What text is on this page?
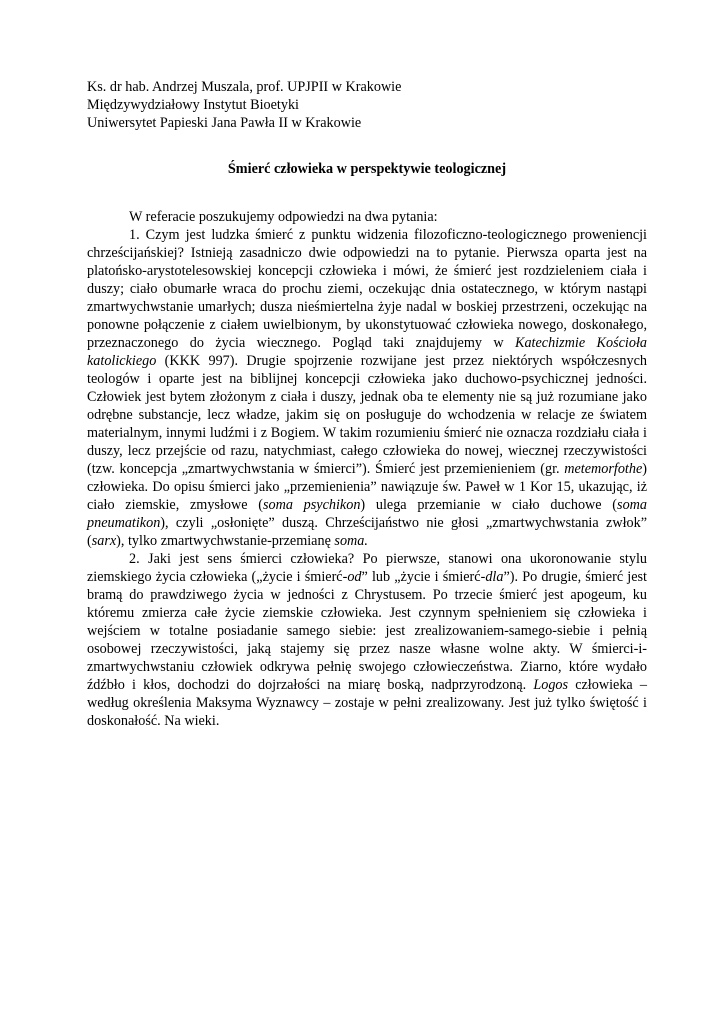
Ks. dr hab. Andrzej Muszala, prof. UPJPII w Krakowie
Międzywydziałowy Instytut Bioetyki
Uniwersytet Papieski Jana Pawła II w Krakowie
Śmierć człowieka w perspektywie teologicznej

W referacie poszukujemy odpowiedzi na dwa pytania:

1. Czym jest ludzka śmierć z punktu widzenia filozoficzno-teologicznego proweniencji chrześcijańskiej? Istnieją zasadniczo dwie odpowiedzi na to pytanie. Pierwsza oparta jest na platońsko-arystotelesowskiej koncepcji człowieka i mówi, że śmierć jest rozdzieleniem ciała i duszy; ciało obumarłe wraca do prochu ziemi, oczekując dnia ostatecznego, w którym nastąpi zmartwychwstanie umarłych; dusza nieśmiertelna żyje nadal w boskiej przestrzeni, oczekując na ponowne połączenie z ciałem uwielbionym, by ukonstytuować człowieka nowego, doskonałego, przeznaczonego do życia wiecznego. Pogląd taki znajdujemy w Katechizmie Kościoła katolickiego (KKK 997). Drugie spojrzenie rozwijane jest przez niektórych współczesnych teologów i oparte jest na biblijnej koncepcji człowieka jako duchowo-psychicznej jedności. Człowiek jest bytem złożonym z ciała i duszy, jednak oba te elementy nie są już rozumiane jako odrębne substancje, lecz władze, jakim się on posługuje do wchodzenia w relacje ze światem materialnym, innymi ludźmi i z Bogiem. W takim rozumieniu śmierć nie oznacza rozdziału ciała i duszy, lecz przejście od razu, natychmiast, całego człowieka do nowej, wiecznej rzeczywistości (tzw. koncepcja „zmartwychwstania w śmierci”). Śmierć jest przemienieniem (gr. metemorfothe) człowieka. Do opisu śmierci jako „przemienienia” nawiązuje św. Paweł w 1 Kor 15, ukazując, iż ciało ziemskie, zmysłowe (soma psychikon) ulega przemianie w ciało duchowe (soma pneumatikon), czyli „osłonięte” duszą. Chrześcijaństwo nie głosi „zmartwychwstania zwłok” (sarx), tylko zmartwychwstanie-przemianę soma.

2. Jaki jest sens śmierci człowieka? Po pierwsze, stanowi ona ukoronowanie stylu ziemskiego życia człowieka („życie i śmierć-od” lub „życie i śmierć-dla”). Po drugie, śmierć jest bramą do prawdziwego życia w jedności z Chrystusem. Po trzecie śmierć jest apogeum, ku któremu zmierza całe życie ziemskie człowieka. Jest czynnym spełnieniem się człowieka i wejściem w totalne posiadanie samego siebie: jest zrealizowaniem-samego-siebie i pełnią osobowej rzeczywistości, jaką stajemy się przez nasze własne wolne akty. W śmierci-i-zmartwychwstaniu człowiek odkrywa pełnię swojego człowieczeństwa. Ziarno, które wydało źdźbło i kłos, dochodzi do dojrzałości na miarę boską, nadprzyrodzoną. Logos człowieka – według określenia Maksyma Wyznawcy – zostaje w pełni zrealizowany. Jest już tylko świętość i doskonałość. Na wieki.
